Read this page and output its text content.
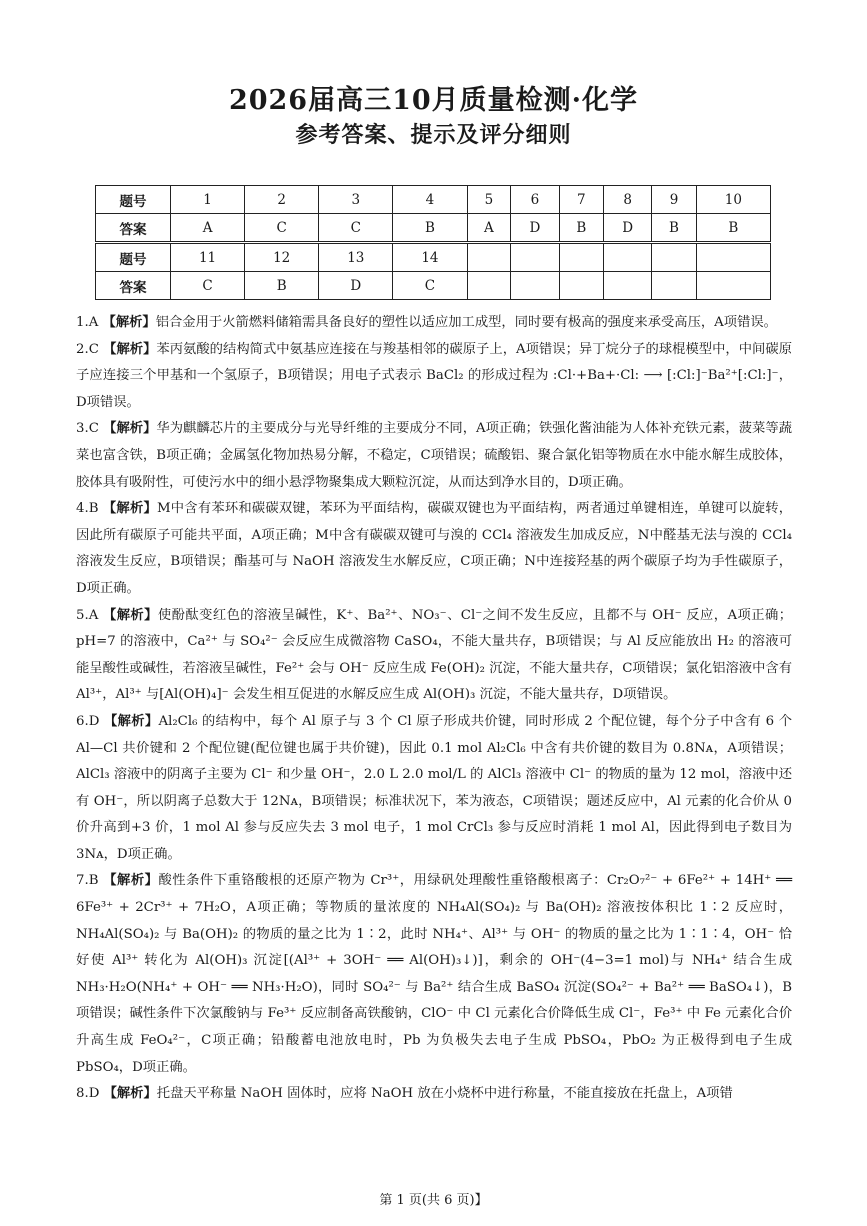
2026届高三10月质量检测·化学
参考答案、提示及评分细则
题号	1	2	3	4	5	6	7	8	9	10
答案	A	C	C	B	A	D	B	D	B	B
题号	11	12	13	14						
答案	C	B	D	C						

1.A 【解析】铝合金用于火箭燃料储箱需具备良好的塑性以适应加工成型，同时要有极高的强度来承受高压，A项错误。

2.C 【解析】苯丙氨酸的结构简式中氨基应连接在与羧基相邻的碳原子上，A项错误；异丁烷分子的球棍模型中，中间碳原子应连接三个甲基和一个氢原子，B项错误；用电子式表示 BaCl₂ 的形成过程为 :Cl·+Ba+·Cl: ⟶ [:Cl:]⁻Ba²⁺[:Cl:]⁻，D项错误。

3.C 【解析】华为麒麟芯片的主要成分与光导纤维的主要成分不同，A项正确；铁强化酱油能为人体补充铁元素，菠菜等蔬菜也富含铁，B项正确；金属氢化物加热易分解，不稳定，C项错误；硫酸铝、聚合氯化铝等物质在水中能水解生成胶体，胶体具有吸附性，可使污水中的细小悬浮物聚集成大颗粒沉淀，从而达到净水目的，D项正确。

4.B 【解析】M中含有苯环和碳碳双键，苯环为平面结构，碳碳双键也为平面结构，两者通过单键相连，单键可以旋转，因此所有碳原子可能共平面，A项正确；M中含有碳碳双键可与溴的 CCl₄ 溶液发生加成反应，N中醛基无法与溴的 CCl₄ 溶液发生反应，B项错误；酯基可与 NaOH 溶液发生水解反应，C项正确；N中连接羟基的两个碳原子均为手性碳原子，D项正确。

5.A 【解析】使酚酞变红色的溶液呈碱性，K⁺、Ba²⁺、NO₃⁻、Cl⁻之间不发生反应，且都不与 OH⁻ 反应，A项正确；pH=7 的溶液中，Ca²⁺ 与 SO₄²⁻ 会反应生成微溶物 CaSO₄，不能大量共存，B项错误；与 Al 反应能放出 H₂ 的溶液可能呈酸性或碱性，若溶液呈碱性，Fe²⁺ 会与 OH⁻ 反应生成 Fe(OH)₂ 沉淀，不能大量共存，C项错误；氯化铝溶液中含有 Al³⁺，Al³⁺ 与[Al(OH)₄]⁻ 会发生相互促进的水解反应生成 Al(OH)₃ 沉淀，不能大量共存，D项错误。

6.D 【解析】Al₂Cl₆ 的结构中，每个 Al 原子与 3 个 Cl 原子形成共价键，同时形成 2 个配位键，每个分子中含有 6 个 Al—Cl 共价键和 2 个配位键(配位键也属于共价键)，因此 0.1 mol Al₂Cl₆ 中含有共价键的数目为 0.8Nᴀ，A项错误；AlCl₃ 溶液中的阴离子主要为 Cl⁻ 和少量 OH⁻，2.0 L 2.0 mol/L 的 AlCl₃ 溶液中 Cl⁻ 的物质的量为 12 mol，溶液中还有 OH⁻，所以阴离子总数大于 12Nᴀ，B项错误；标准状况下，苯为液态，C项错误；题述反应中，Al 元素的化合价从 0 价升高到+3 价，1 mol Al 参与反应失去 3 mol 电子，1 mol CrCl₃ 参与反应时消耗 1 mol Al，因此得到电子数目为 3Nᴀ，D项正确。

7.B 【解析】酸性条件下重铬酸根的还原产物为 Cr³⁺，用绿矾处理酸性重铬酸根离子：Cr₂O₇²⁻ + 6Fe²⁺ + 14H⁺ ══ 6Fe³⁺ + 2Cr³⁺ + 7H₂O，A项正确；等物质的量浓度的 NH₄Al(SO₄)₂ 与 Ba(OH)₂ 溶液按体积比 1∶2 反应时，NH₄Al(SO₄)₂ 与 Ba(OH)₂ 的物质的量之比为 1∶2，此时 NH₄⁺、Al³⁺ 与 OH⁻ 的物质的量之比为 1∶1∶4，OH⁻ 恰好使 Al³⁺ 转化为 Al(OH)₃ 沉淀[(Al³⁺ + 3OH⁻ ══ Al(OH)₃↓)]，剩余的 OH⁻(4−3=1 mol)与 NH₄⁺ 结合生成 NH₃·H₂O(NH₄⁺ + OH⁻ ══ NH₃·H₂O)，同时 SO₄²⁻ 与 Ba²⁺ 结合生成 BaSO₄ 沉淀(SO₄²⁻ + Ba²⁺ ══ BaSO₄↓)，B项错误；碱性条件下次氯酸钠与 Fe³⁺ 反应制备高铁酸钠，ClO⁻ 中 Cl 元素化合价降低生成 Cl⁻，Fe³⁺ 中 Fe 元素化合价升高生成 FeO₄²⁻，C项正确；铅酸蓄电池放电时，Pb 为负极失去电子生成 PbSO₄，PbO₂ 为正极得到电子生成 PbSO₄，D项正确。

8.D 【解析】托盘天平称量 NaOH 固体时，应将 NaOH 放在小烧杯中进行称量，不能直接放在托盘上，A项错

第 1 页(共 6 页)】
